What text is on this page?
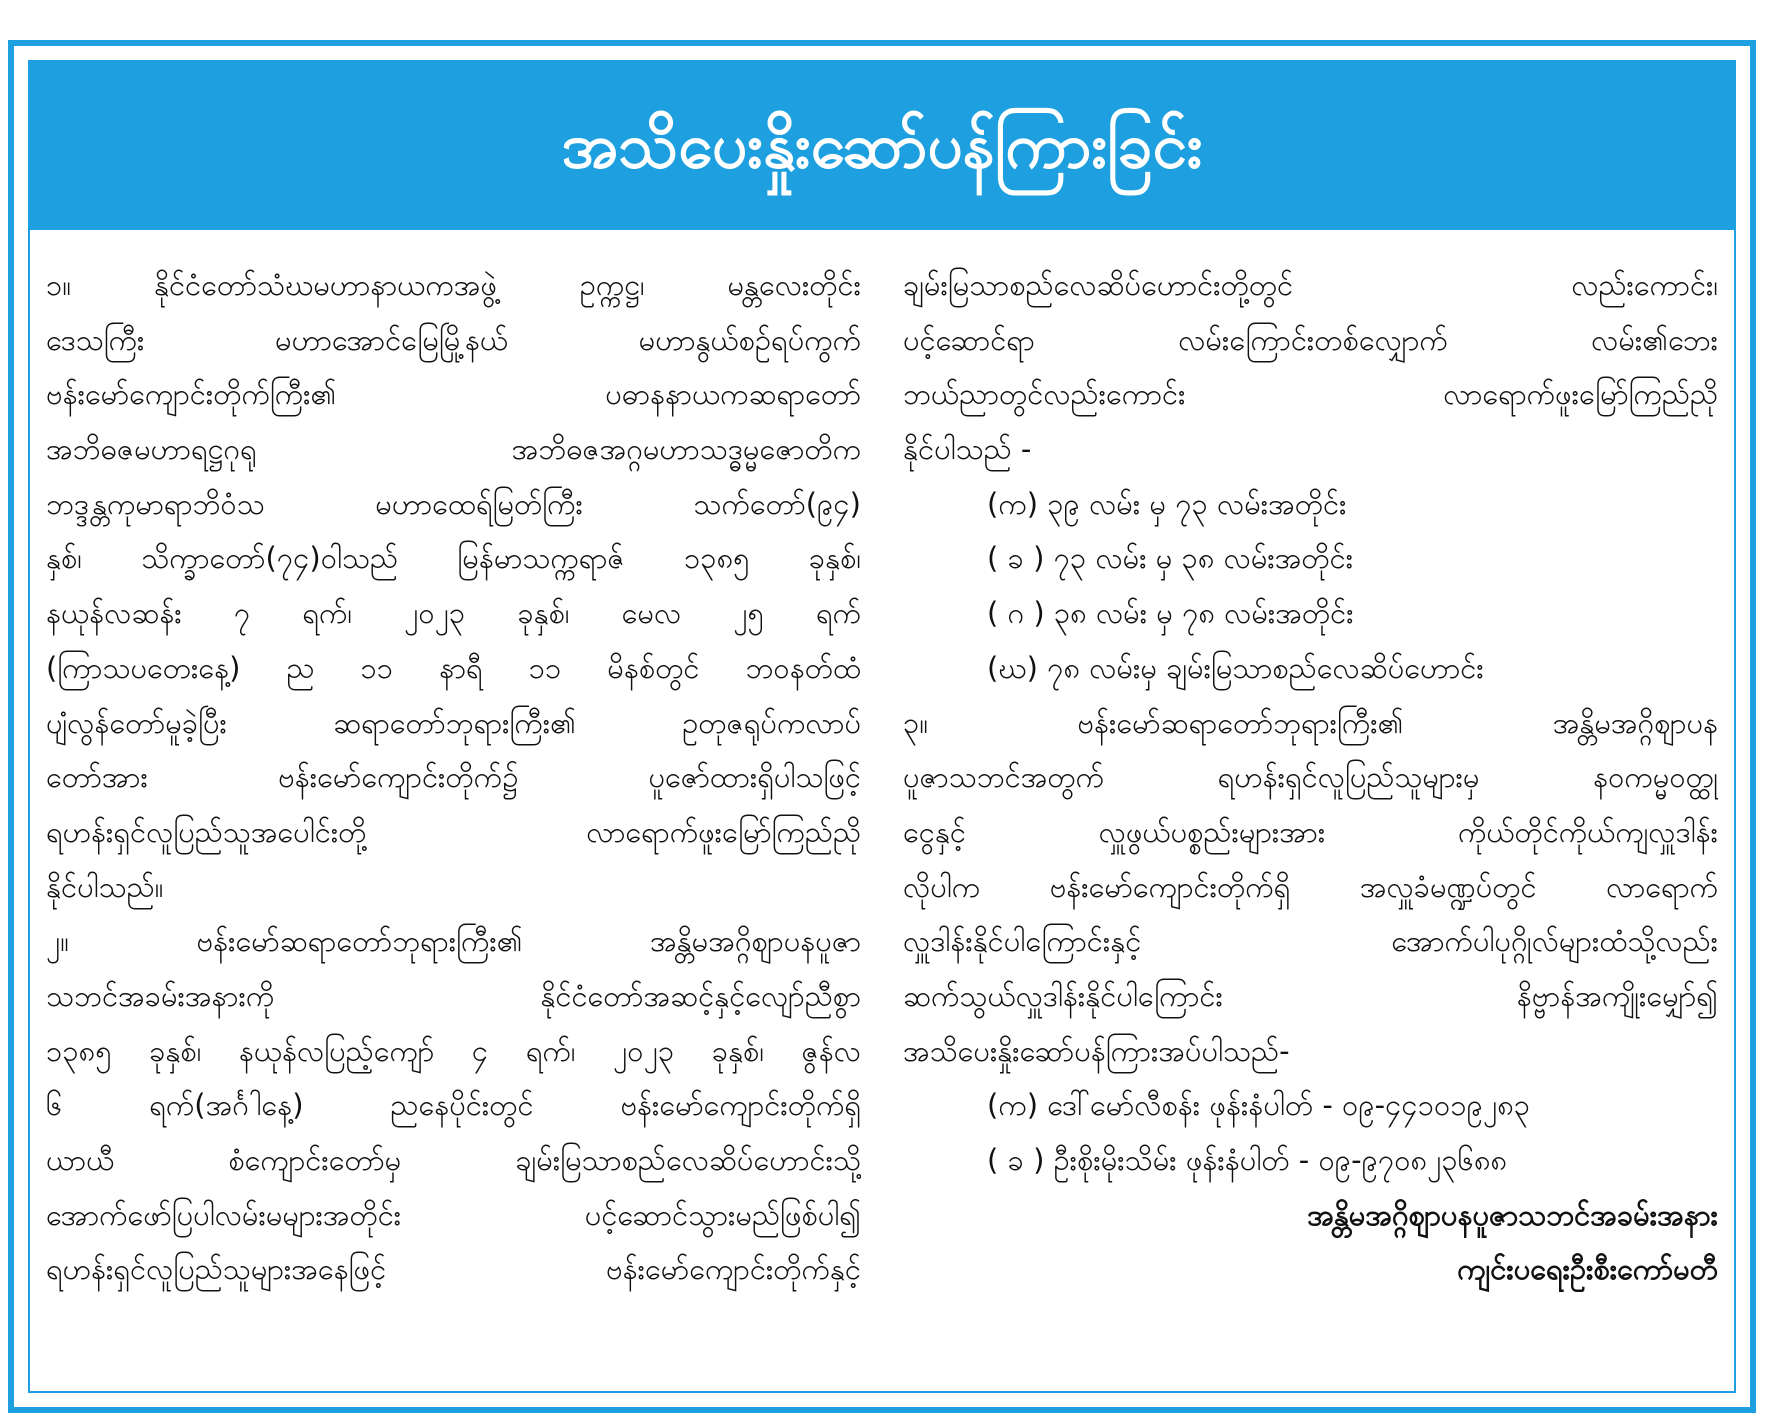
အသိပေးနှိုးဆော်ပန်ကြားခြင်း
၁။ နိုင်ငံတော်သံဃမဟာနာယကအဖွဲ့ ဥက္ကဋ္ဌ၊ မန္တလေးတိုင်း
ဒေသကြီး မဟာအောင်မြေမြို့နယ် မဟာနွယ်စဉ်ရပ်ကွက်
ဗန်းမော်ကျောင်းတိုက်ကြီး၏ ပဓာနနာယကဆရာတော်
အဘိဓဇမဟာရဋ္ဌဂုရု အဘိဓဇအဂ္ဂမဟာသဒ္ဓမ္မဇောတိက
ဘဒ္ဒန္တကုမာရာဘိဝံသ မဟာထေရ်မြတ်ကြီး သက်တော်(၉၄)
နှစ်၊ သိက္ခာတော်(၇၄)ဝါသည် မြန်မာသက္ကရာဇ် ၁၃၈၅ ခုနှစ်၊
နယုန်လဆန်း ၇ ရက်၊ ၂၀၂၃ ခုနှစ်၊ မေလ ၂၅ ရက်
(ကြာသပတေးနေ့) ည ၁၁ နာရီ ၁၁ မိနစ်တွင် ဘဝနတ်ထံ
ပျံလွန်တော်မူခဲ့ပြီး ဆရာတော်ဘုရားကြီး၏ ဥတုဇရုပ်ကလာပ်
တော်အား ဗန်းမော်ကျောင်းတိုက်၌ ပူဇော်ထားရှိပါသဖြင့်
ရဟန်းရှင်လူပြည်သူအပေါင်းတို့ လာရောက်ဖူးမြော်ကြည်ညို
နိုင်ပါသည်။
၂။ ဗန်းမော်ဆရာတော်ဘုရားကြီး၏ အန္တိမအဂ္ဂိဈာပနပူဇာ
သဘင်အခမ်းအနားကို နိုင်ငံတော်အဆင့်နှင့်လျော်ညီစွာ
၁၃၈၅ ခုနှစ်၊ နယုန်လပြည့်ကျော် ၄ ရက်၊ ၂၀၂၃ ခုနှစ်၊ ဇွန်လ
၆ ရက်(အင်္ဂါနေ့) ညနေပိုင်းတွင် ဗန်းမော်ကျောင်းတိုက်ရှိ
ယာယီ စံကျောင်းတော်မှ ချမ်းမြသာစည်လေဆိပ်ဟောင်းသို့
အောက်ဖော်ပြပါလမ်းမများအတိုင်း ပင့်ဆောင်သွားမည်ဖြစ်ပါ၍
ရဟန်းရှင်လူပြည်သူများအနေဖြင့် ဗန်းမော်ကျောင်းတိုက်နှင့်
ချမ်းမြသာစည်လေဆိပ်ဟောင်းတို့တွင် လည်းကောင်း၊
ပင့်ဆောင်ရာ လမ်းကြောင်းတစ်လျှောက် လမ်း၏ဘေး
ဘယ်ညာတွင်လည်းကောင်း လာရောက်ဖူးမြော်ကြည်ညို
နိုင်ပါသည် -
(က) ၃၉ လမ်း မှ ၇၃ လမ်းအတိုင်း
( ခ ) ၇၃ လမ်း မှ ၃၈ လမ်းအတိုင်း
( ဂ ) ၃၈ လမ်း မှ ၇၈ လမ်းအတိုင်း
(ဃ) ၇၈ လမ်းမှ ချမ်းမြသာစည်လေဆိပ်ဟောင်း
၃။ ဗန်းမော်ဆရာတော်ဘုရားကြီး၏ အန္တိမအဂ္ဂိဈာပန
ပူဇာသဘင်အတွက် ရဟန်းရှင်လူပြည်သူများမှ နဝကမ္မဝတ္ထု
ငွေနှင့် လှူဖွယ်ပစ္စည်းများအား ကိုယ်တိုင်ကိုယ်ကျလှူဒါန်း
လိုပါက ဗန်းမော်ကျောင်းတိုက်ရှိ အလှူခံမဏ္ဍပ်တွင် လာရောက်
လှူဒါန်းနိုင်ပါကြောင်းနှင့် အောက်ပါပုဂ္ဂိုလ်များထံသို့လည်း
ဆက်သွယ်လှူဒါန်းနိုင်ပါကြောင်း နိဗ္ဗာန်အကျိုးမျှော်၍
အသိပေးနှိုးဆော်ပန်ကြားအပ်ပါသည်-
(က) ဒေါ်မော်လီစန်း ဖုန်းနံပါတ် - ၀၉-၄၄၁၀၁၉၂၈၃
( ခ ) ဦးစိုးမိုးသိမ်း ဖုန်းနံပါတ် - ၀၉-၉၇၀၈၂၃၆၈၈
အန္တိမအဂ္ဂိဈာပနပူဇာသဘင်အခမ်းအနား
ကျင်းပရေးဦးစီးကော်မတီ
